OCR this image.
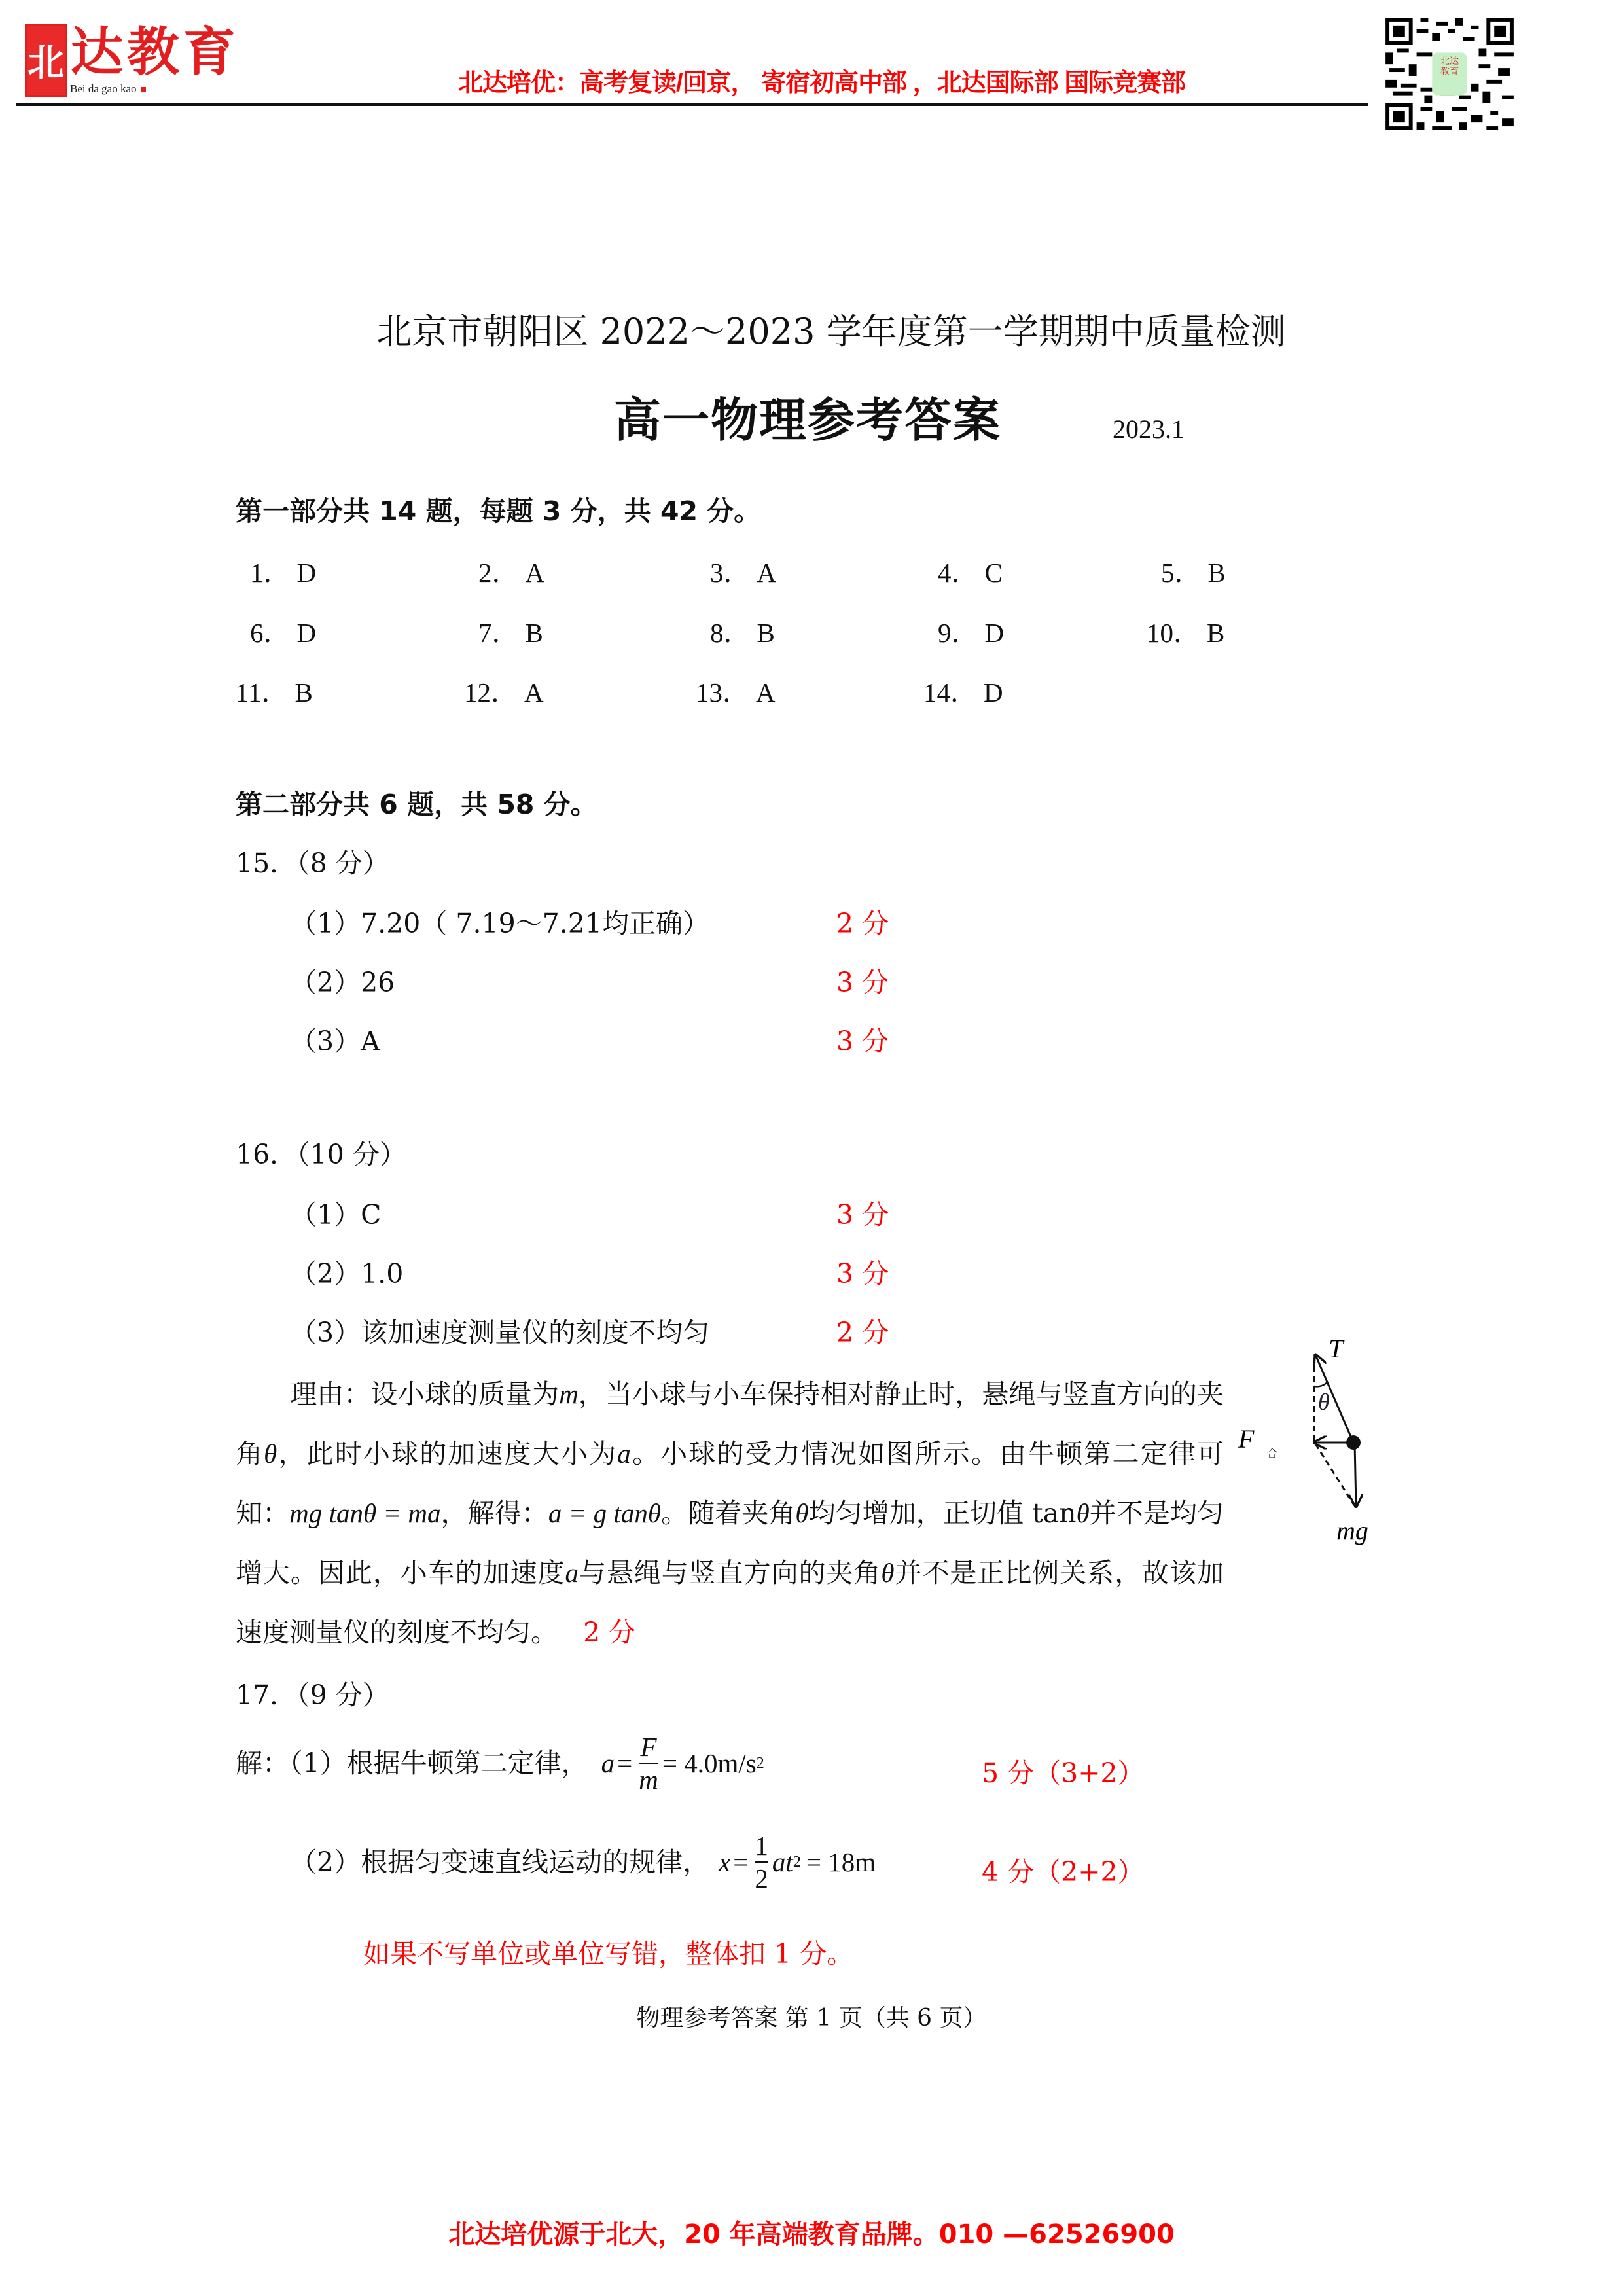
北 达教育
Bei da gao kao	北达培优：高考复读/回京， 寄宿初高中部 ，北达国际部 国际竞赛部
北达
教育
北京市朝阳区 2022～2023 学年度第一学期期中质量检测
高一物理参考答案	2023.1
第一部分共 14 题，每题 3 分，共 42 分。
1． D	2． A	3． A	4． C	5． B
6． D	7． B	8． B	9． D	10． B
11． B	12． A	13． A	14． D
第二部分共 6 题，共 58 分。
15．（8 分）
（1）7.20（ 7.19～7.21均正确）	2 分
（2）26	3 分
（3）A	3 分
16．（10 分）
（1）C	3 分
（2）1.0	3 分
（3）该加速度测量仪的刻度不均匀	2 分
理由：设小球的质量为m，当小球与小车保持相对静止时，悬绳与竖直方向的夹角θ，此时小球的加速度大小为a。小球的受力情况如图所示。由牛顿第二定律可知：mg tanθ = ma，解得：a = g tanθ。随着夹角θ均匀增加，正切值 tanθ并不是均匀增大。因此，小车的加速度a与悬绳与竖直方向的夹角θ并不是正比例关系，故该加速度测量仪的刻度不均匀。 2 分
T
θ
F 合
mg
17．（9 分）
解：（1）根据牛顿第二定律， $a = \frac{F}{m} = 4.0m/s$ 2	5 分（3+2）
（2）根据匀变速直线运动的规律， $x = \frac{1}{2}$ at 2 = 18m	4 分（2+2）
如果不写单位或单位写错，整体扣 1 分。
物理参考答案 第 1 页（共 6 页）
北达培优源于北大，20 年高端教育品牌。010 —62526900
